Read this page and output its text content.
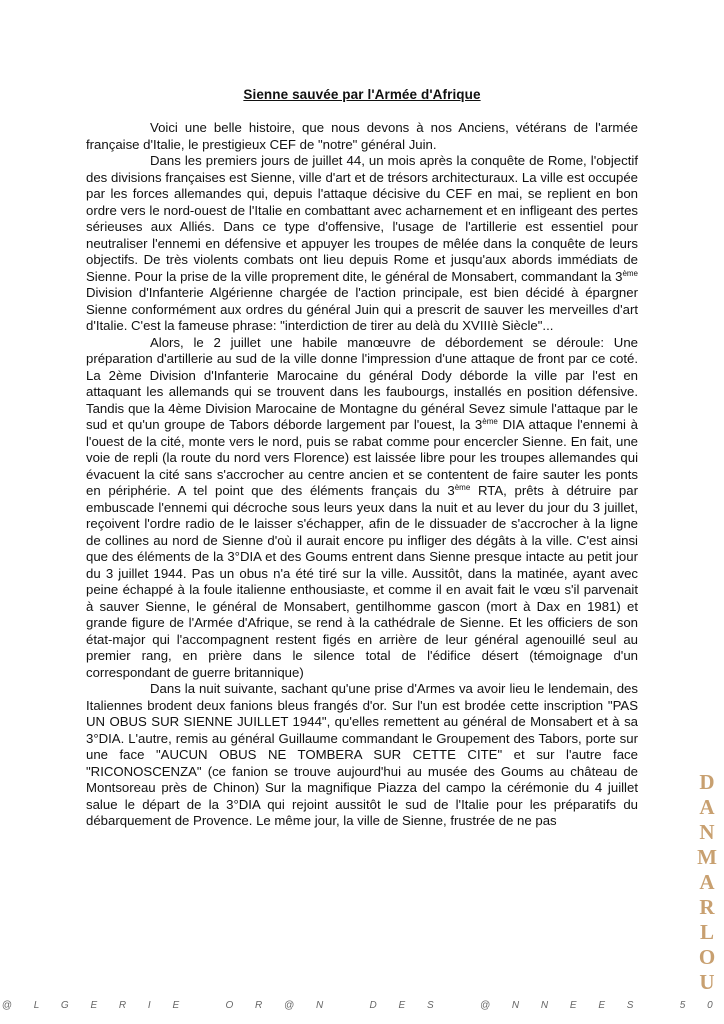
Sienne sauvée par l'Armée d'Afrique

Voici une belle histoire, que nous devons à nos Anciens, vétérans de l'armée française d'Italie, le prestigieux CEF de "notre" général Juin.

Dans les premiers jours de juillet 44, un mois après la conquête de Rome, l'objectif des divisions françaises est Sienne, ville d'art et de trésors architecturaux. La ville est occupée par les forces allemandes qui, depuis l'attaque décisive du CEF en mai, se replient en bon ordre vers le nord-ouest de l'Italie en combattant avec acharnement et en infligeant des pertes sérieuses aux Alliés. Dans ce type d'offensive, l'usage de l'artillerie est essentiel pour neutraliser l'ennemi en défensive et appuyer les troupes de mêlée dans la conquête de leurs objectifs. De très violents combats ont lieu depuis Rome et jusqu'aux abords immédiats de Sienne. Pour la prise de la ville proprement dite, le général de Monsabert, commandant la 3ème Division d'Infanterie Algérienne chargée de l'action principale, est bien décidé à épargner Sienne conformément aux ordres du général Juin qui a prescrit de sauver les merveilles d'art d'Italie. C'est la fameuse phrase: "interdiction de tirer au delà du XVIIIè Siècle"...

Alors, le 2 juillet une habile manœuvre de débordement se déroule: Une préparation d'artillerie au sud de la ville donne l'impression d'une attaque de front par ce coté. La 2ème Division d'Infanterie Marocaine du général Dody déborde la ville par l'est en attaquant les allemands qui se trouvent dans les faubourgs, installés en position défensive. Tandis que la 4ème Division Marocaine de Montagne du général Sevez simule l'attaque par le sud et qu'un groupe de Tabors déborde largement par l'ouest, la 3ème DIA attaque l'ennemi à l'ouest de la cité, monte vers le nord, puis se rabat comme pour encercler Sienne. En fait, une voie de repli (la route du nord vers Florence) est laissée libre pour les troupes allemandes qui évacuent la cité sans s'accrocher au centre ancien et se contentent de faire sauter les ponts en périphérie. A tel point que des éléments français du 3ème RTA, prêts à détruire par embuscade l'ennemi qui décroche sous leurs yeux dans la nuit et au lever du jour du 3 juillet, reçoivent l'ordre radio de le laisser s'échapper, afin de le dissuader de s'accrocher à la ligne de collines au nord de Sienne d'où il aurait encore pu infliger des dégâts à la ville. C'est ainsi que des éléments de la 3°DIA et des Goums entrent dans Sienne presque intacte au petit jour du 3 juillet 1944. Pas un obus n'a été tiré sur la ville. Aussitôt, dans la matinée, ayant avec peine échappé à la foule italienne enthousiaste, et comme il en avait fait le vœu s'il parvenait à sauver Sienne, le général de Monsabert, gentilhomme gascon (mort à Dax en 1981) et grande figure de l'Armée d'Afrique, se rend à la cathédrale de Sienne. Et les officiers de son état-major qui l'accompagnent restent figés en arrière de leur général agenouillé seul au premier rang, en prière dans le silence total de l'édifice désert (témoignage d'un correspondant de guerre britannique)

Dans la nuit suivante, sachant qu'une prise d'Armes va avoir lieu le lendemain, des Italiennes brodent deux fanions bleus frangés d'or. Sur l'un est brodée cette inscription "PAS UN OBUS SUR SIENNE JUILLET 1944", qu'elles remettent au général de Monsabert et à sa 3°DIA. L'autre, remis au général Guillaume commandant le Groupement des Tabors, porte sur une face "AUCUN OBUS NE TOMBERA SUR CETTE CITE" et sur l'autre face "RICONOSCENZA" (ce fanion se trouve aujourd'hui au musée des Goums au château de Montsoreau près de Chinon) Sur la magnifique Piazza del campo la cérémonie du 4 juillet salue le départ de la 3°DIA qui rejoint aussitôt le sud de l'Italie pour les préparatifs du débarquement de Provence. Le même jour, la ville de Sienne, frustrée de ne pas

@ L G E R I E   O R @ N   D E S   @ N N E E S   5 0
D
A
N
M
A
R
L
O
U
